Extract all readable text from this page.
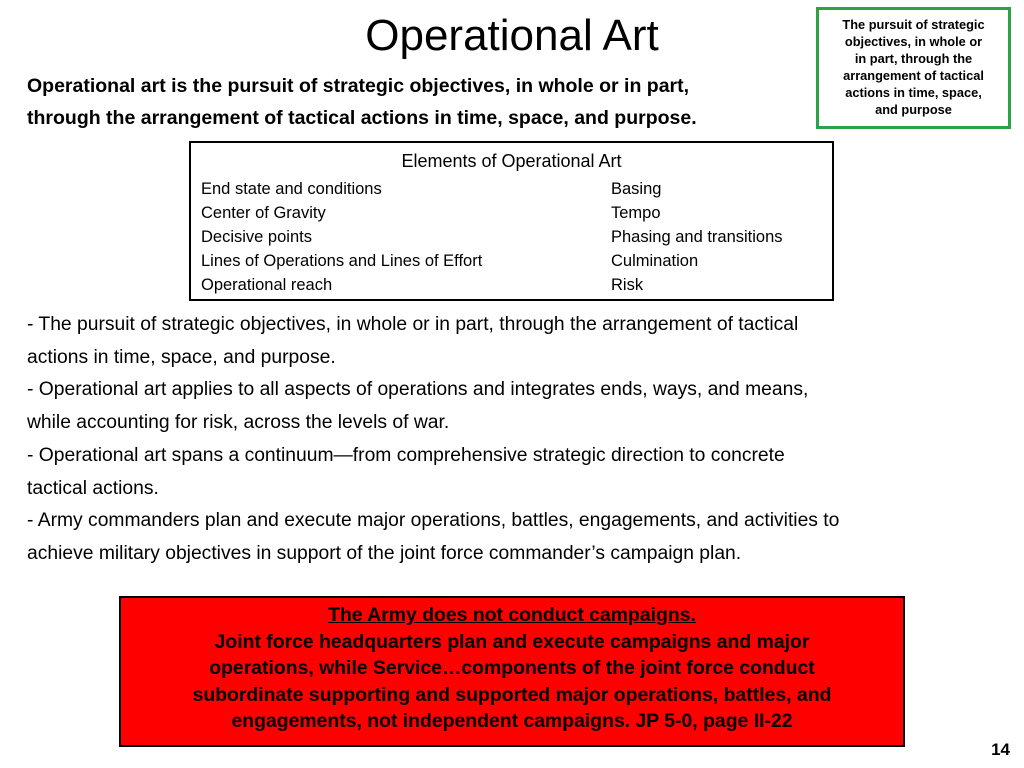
Operational Art	The pursuit of strategic
objectives, in whole or
in part, through the
arrangement of tactical
actions in time, space,
and purpose
Operational art is the pursuit of strategic objectives, in whole or in part,
through the arrangement of tactical actions in time, space, and purpose.
Elements of Operational Art
End state and conditions
Center of Gravity
Decisive points
Lines of Operations and Lines of Effort
Operational reach
Basing
Tempo
Phasing and transitions
Culmination
Risk
- The pursuit of strategic objectives, in whole or in part, through the arrangement of tactical
actions in time, space, and purpose.
- Operational art applies to all aspects of operations and integrates ends, ways, and means,
while accounting for risk, across the levels of war.
- Operational art spans a continuum—from comprehensive strategic direction to concrete
tactical actions.
- Army commanders plan and execute major operations, battles, engagements, and activities to
achieve military objectives in support of the joint force commander’s campaign plan.
The Army does not conduct campaigns.
Joint force headquarters plan and execute campaigns and major
operations, while Service…components of the joint force conduct
subordinate supporting and supported major operations, battles, and
engagements, not independent campaigns. JP 5-0, page II-22
14
